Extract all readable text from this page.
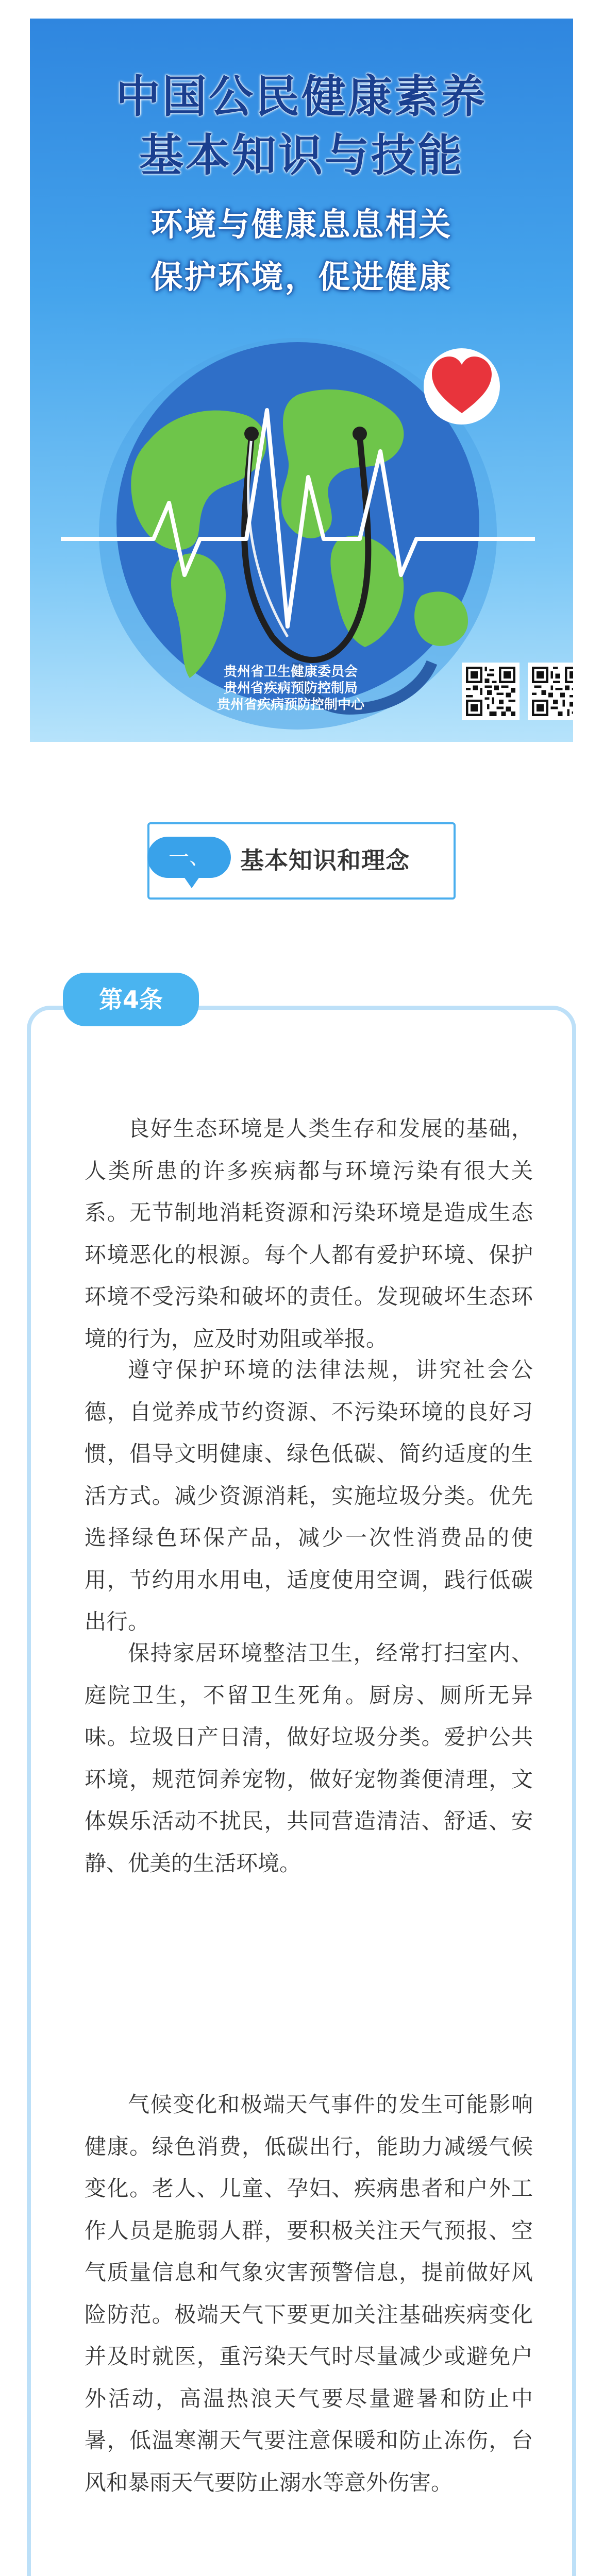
中国公民健康素养
基本知识与技能
环境与健康息息相关
保护环境，促进健康
贵州省卫生健康委员会
贵州省疾病预防控制局
贵州省疾病预防控制中心
一、	基本知识和理念
第4条

良好生态环境是人类生存和发展的基础，人类所患的许多疾病都与环境污染有很大关系。无节制地消耗资源和污染环境是造成生态环境恶化的根源。每个人都有爱护环境、保护环境不受污染和破坏的责任。发现破坏生态环境的行为，应及时劝阻或举报。

遵守保护环境的法律法规，讲究社会公德，自觉养成节约资源、不污染环境的良好习惯，倡导文明健康、绿色低碳、简约适度的生活方式。减少资源消耗，实施垃圾分类。优先选择绿色环保产品，减少一次性消费品的使用，节约用水用电，适度使用空调，践行低碳出行。

保持家居环境整洁卫生，经常打扫室内、庭院卫生，不留卫生死角。厨房、厕所无异味。垃圾日产日清，做好垃圾分类。爱护公共环境，规范饲养宠物，做好宠物粪便清理，文体娱乐活动不扰民，共同营造清洁、舒适、安静、优美的生活环境。

气候变化和极端天气事件的发生可能影响健康。绿色消费，低碳出行，能助力减缓气候变化。老人、儿童、孕妇、疾病患者和户外工作人员是脆弱人群，要积极关注天气预报、空气质量信息和气象灾害预警信息，提前做好风险防范。极端天气下要更加关注基础疾病变化并及时就医，重污染天气时尽量减少或避免户外活动，高温热浪天气要尽量避暑和防止中暑，低温寒潮天气要注意保暖和防止冻伤，台风和暴雨天气要防止溺水等意外伤害。
